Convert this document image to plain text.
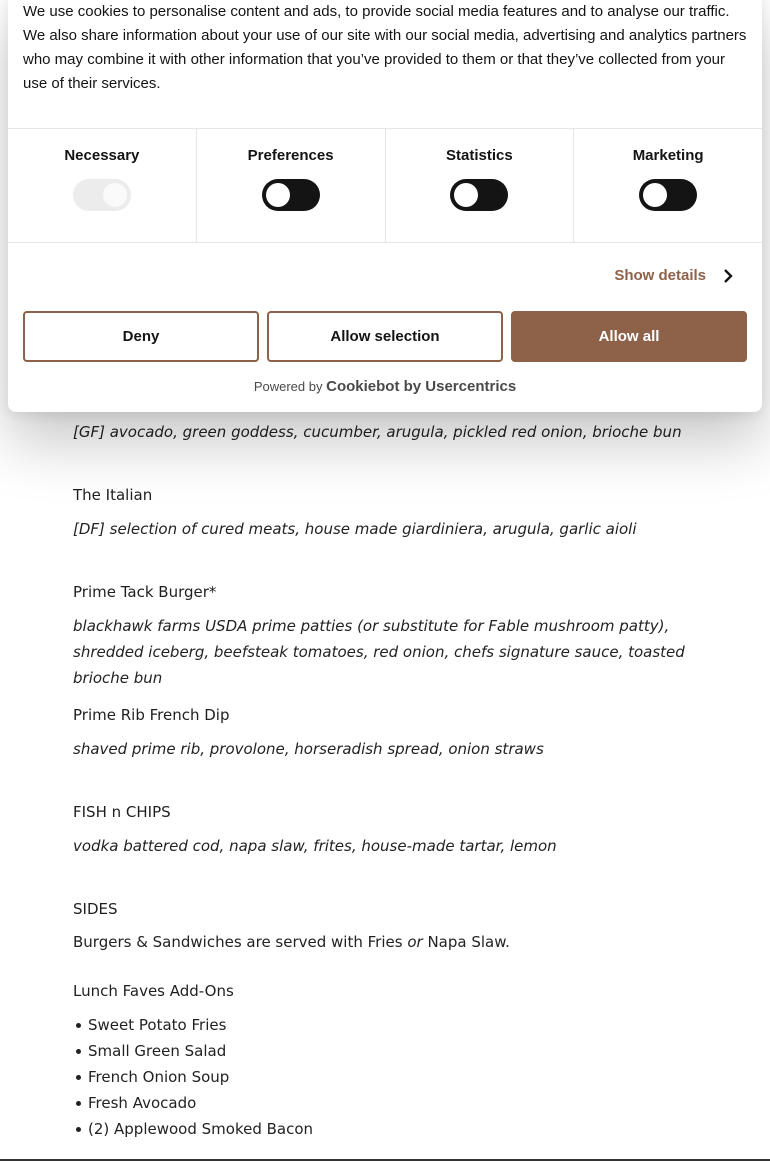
[GF] avocado, green goddess, cucumber, arugula, pickled red onion, brioche bun
The Italian
[DF] selection of cured meats, house made giardiniera, arugula, garlic aioli
Prime Tack Burger*
blackhawk farms USDA prime patties (or substitute for Fable mushroom patty), shredded iceberg, beefsteak tomatoes, red onion, chefs signature sauce, toasted brioche bun
Prime Rib French Dip
shaved prime rib, provolone, horseradish spread, onion straws
FISH n CHIPS
vodka battered cod, napa slaw, frites, house-made tartar, lemon
SIDES
Burgers & Sandwiches are served with Fries or Napa Slaw.
Lunch Faves Add-Ons
Sweet Potato Fries
Small Green Salad
French Onion Soup
Fresh Avocado
(2) Applewood Smoked Bacon
We use cookies to personalise content and ads, to provide social media features and to analyse our traffic. We also share information about your use of our site with our social media, advertising and analytics partners who may combine it with other information that you’ve provided to them or that they’ve collected from your use of their services.
Necessary	Preferences	Statistics	Marketing
Show details
Deny	Allow selection	Allow all
Powered by Cookiebot by Usercentrics
